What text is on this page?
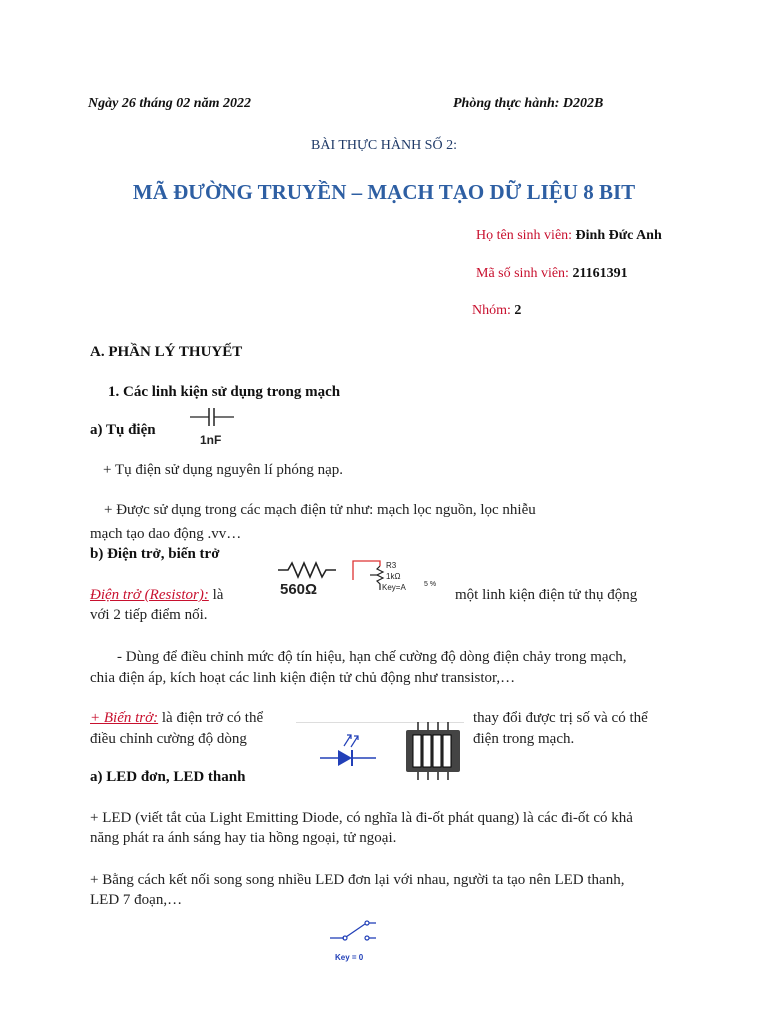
Ngày 26 tháng 02 năm 2022	Phòng thực hành: D202B
BÀI THỰC HÀNH SỐ 2:
MÃ ĐƯỜNG TRUYỀN – MẠCH TẠO DỮ LIỆU 8 BIT
Họ tên sinh viên: Đinh Đức Anh
Mã số sinh viên: 21161391
Nhóm: 2
A. PHẦN LÝ THUYẾT
1. Các linh kiện sử dụng trong mạch
a) Tụ điện
1nF
+ Tụ điện sử dụng nguyên lí phóng nạp.
+ Được sử dụng trong các mạch điện tử như: mạch lọc nguồn, lọc nhiễu
mạch tạo dao động .vv…
b) Điện trở, biến trở
Điện trở (Resistor): là	560Ω
R3
1kΩ
Key=A	5 %
một linh kiện điện tử thụ động
với 2 tiếp điểm nối.
- Dùng để điều chỉnh mức độ tín hiệu, hạn chế cường độ dòng điện chảy trong mạch,
chia điện áp, kích hoạt các linh kiện điện tử chủ động như transistor,…
+ Biến trở: là điện trở có thể
điều chỉnh cường độ dòng
thay đổi được trị số và có thể
điện trong mạch.
a) LED đơn, LED thanh
+ LED (viết tắt của Light Emitting Diode, có nghĩa là đi-ốt phát quang) là các đi-ốt có khả
năng phát ra ánh sáng hay tia hồng ngoại, tử ngoại.
+ Bằng cách kết nối song song nhiều LED đơn lại với nhau, người ta tạo nên LED thanh,
LED 7 đoạn,…
Key = 0
